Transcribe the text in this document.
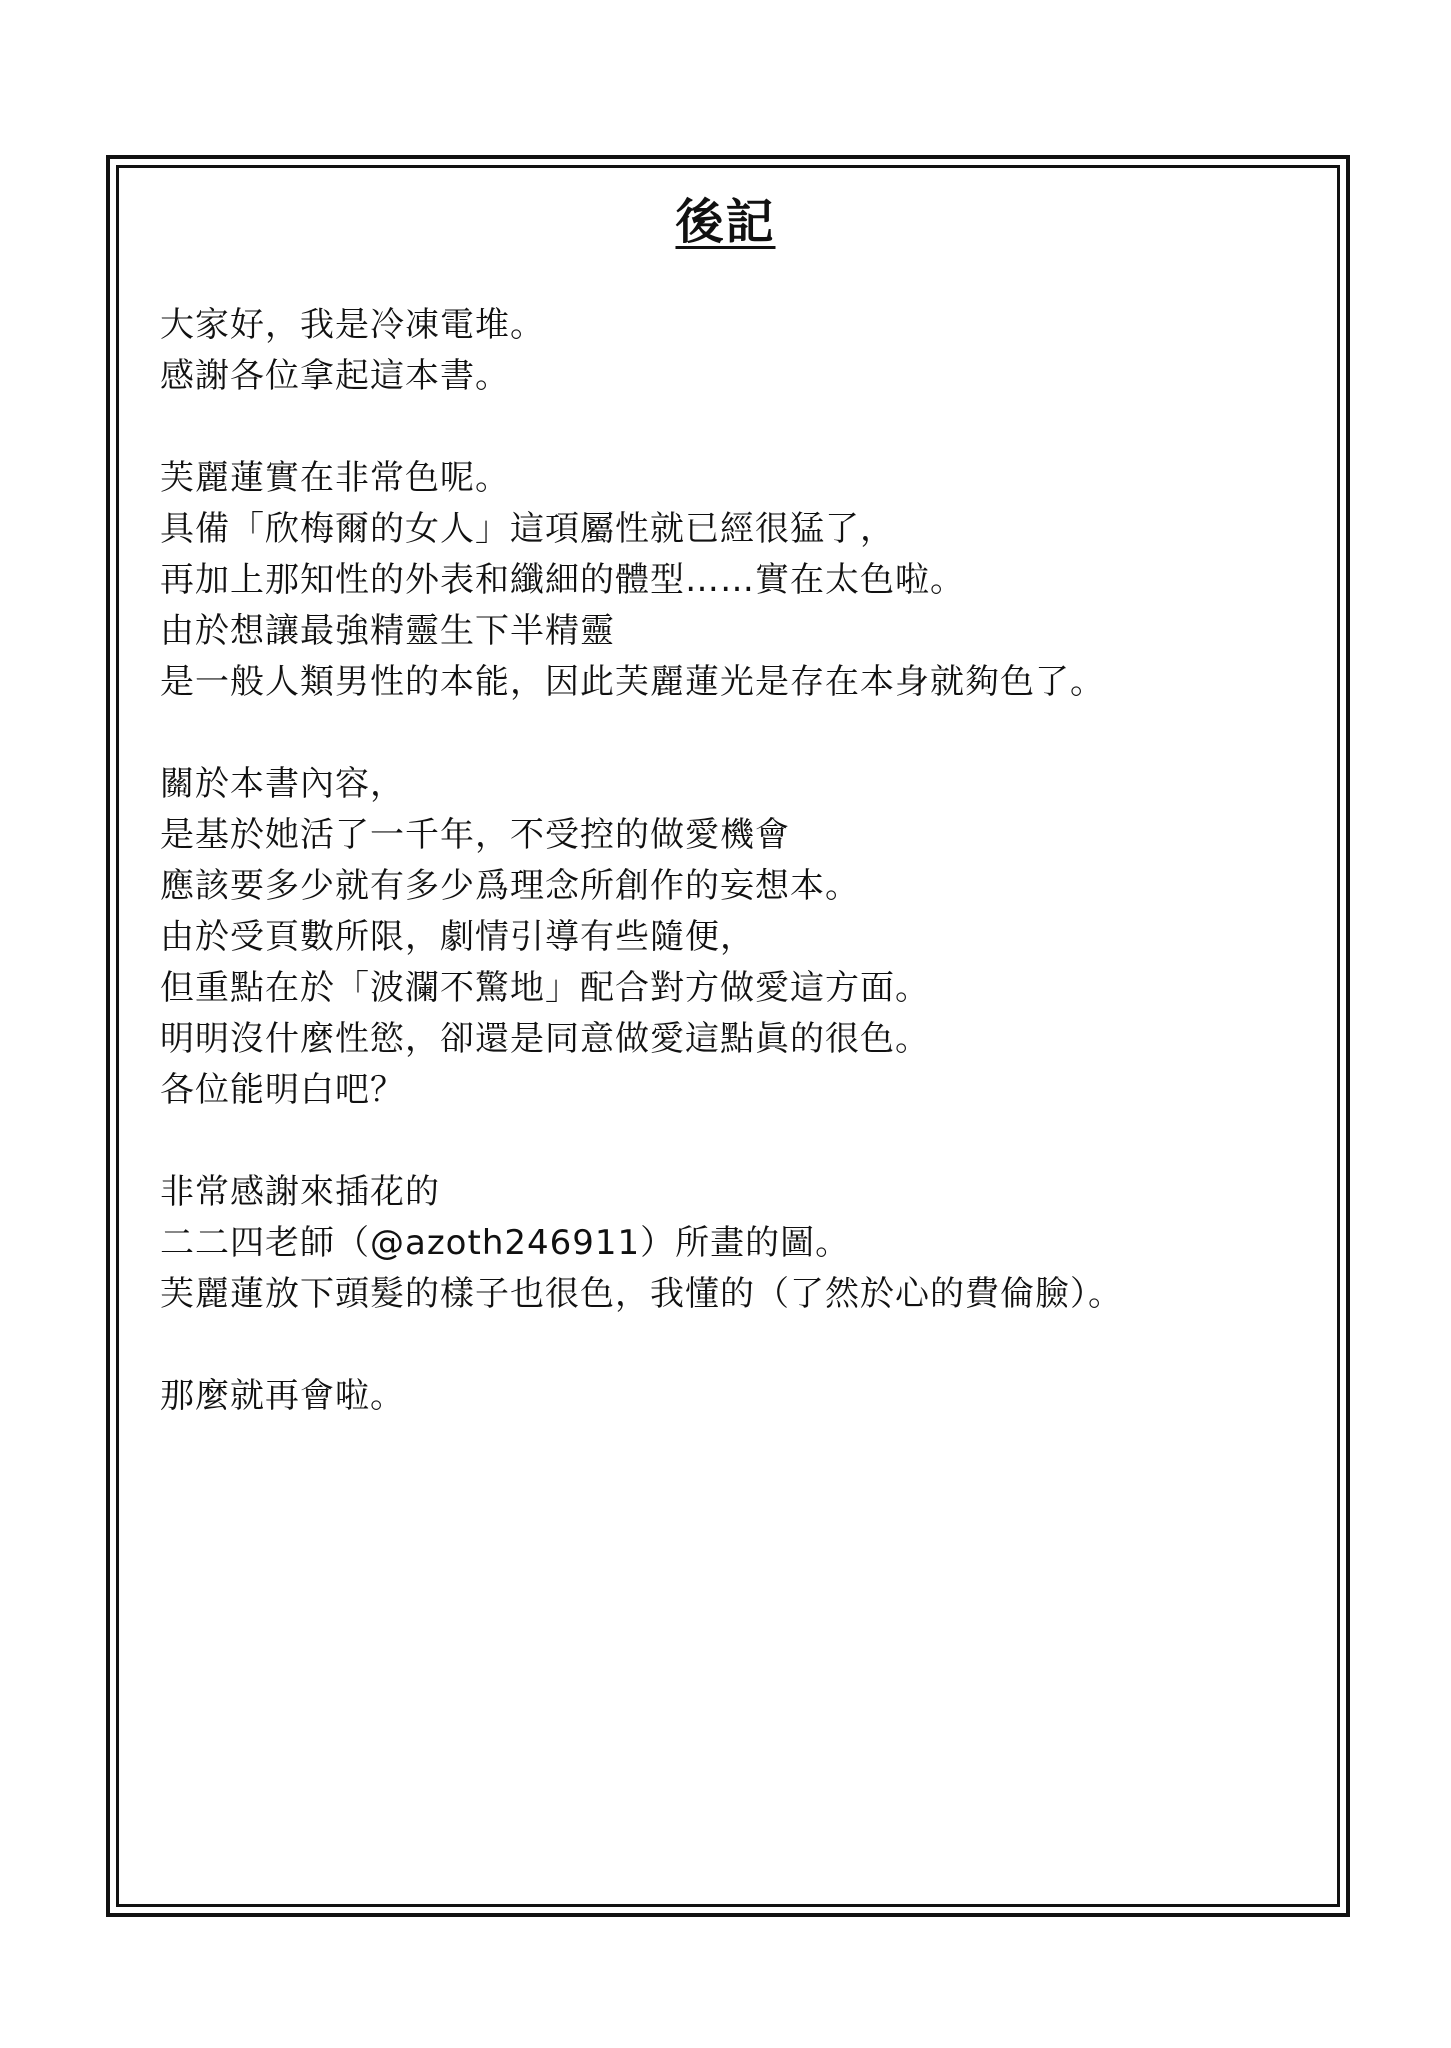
後記
大家好，我是冷凍電堆。
感謝各位拿起這本書。
芙麗蓮實在非常色呢。
具備「欣梅爾的女人」這項屬性就已經很猛了，
再加上那知性的外表和纖細的體型……實在太色啦。
由於想讓最強精靈生下半精靈
是一般人類男性的本能，因此芙麗蓮光是存在本身就夠色了。
關於本書內容，
是基於她活了一千年，不受控的做愛機會
應該要多少就有多少爲理念所創作的妄想本。
由於受頁數所限，劇情引導有些隨便，
但重點在於「波瀾不驚地」配合對方做愛這方面。
明明沒什麼性慾，卻還是同意做愛這點眞的很色。
各位能明白吧？
非常感謝來插花的
二二四老師（@azoth246911）所畫的圖。
芙麗蓮放下頭髮的樣子也很色，我懂的（了然於心的費倫臉）。
那麼就再會啦。
